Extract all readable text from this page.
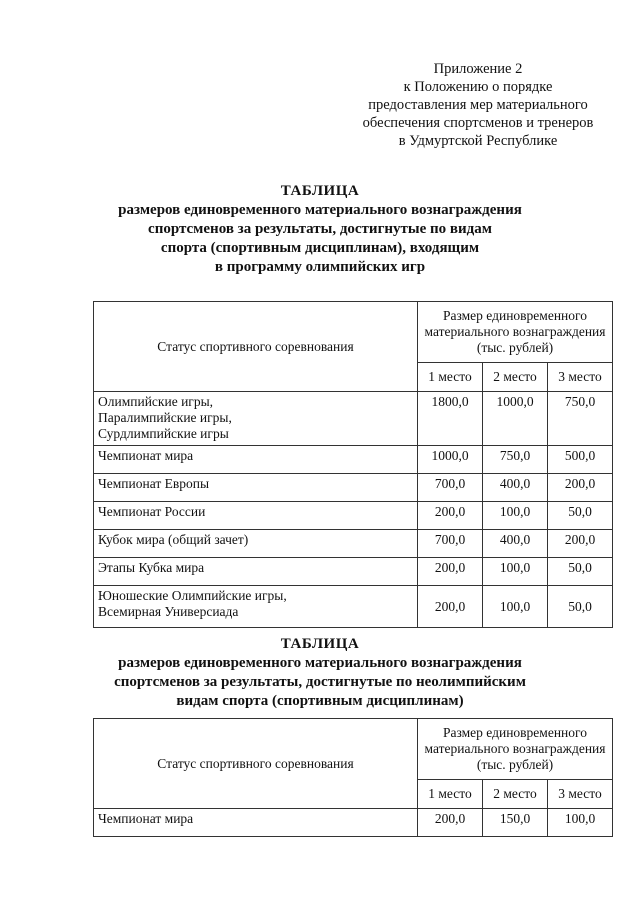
Приложение 2
к Положению о порядке
предоставления мер материального
обеспечения спортсменов и тренеров
в Удмуртской Республике
ТАБЛИЦА
размеров единовременного материального вознаграждения
спортсменов за результаты, достигнутые по видам
спорта (спортивным дисциплинам), входящим
в программу олимпийских игр
Статус спортивного соревнования	Размер единовременного
материального вознаграждения
(тыс. рублей)		
	1 место	2 место	3 место
Олимпийские игры,
Паралимпийские игры,
Сурдлимпийские игры	1800,0	1000,0	750,0
Чемпионат мира	1000,0	750,0	500,0
Чемпионат Европы	700,0	400,0	200,0
Чемпионат России	200,0	100,0	50,0
Кубок мира (общий зачет)	700,0	400,0	200,0
Этапы Кубка мира	200,0	100,0	50,0
Юношеские Олимпийские игры,
Всемирная Универсиада	200,0	100,0	50,0
ТАБЛИЦА
размеров единовременного материального вознаграждения
спортсменов за результаты, достигнутые по неолимпийским
видам спорта (спортивным дисциплинам)
Статус спортивного соревнования	Размер единовременного
материального вознаграждения
(тыс. рублей)		
	1 место	2 место	3 место
Чемпионат мира	200,0	150,0	100,0
